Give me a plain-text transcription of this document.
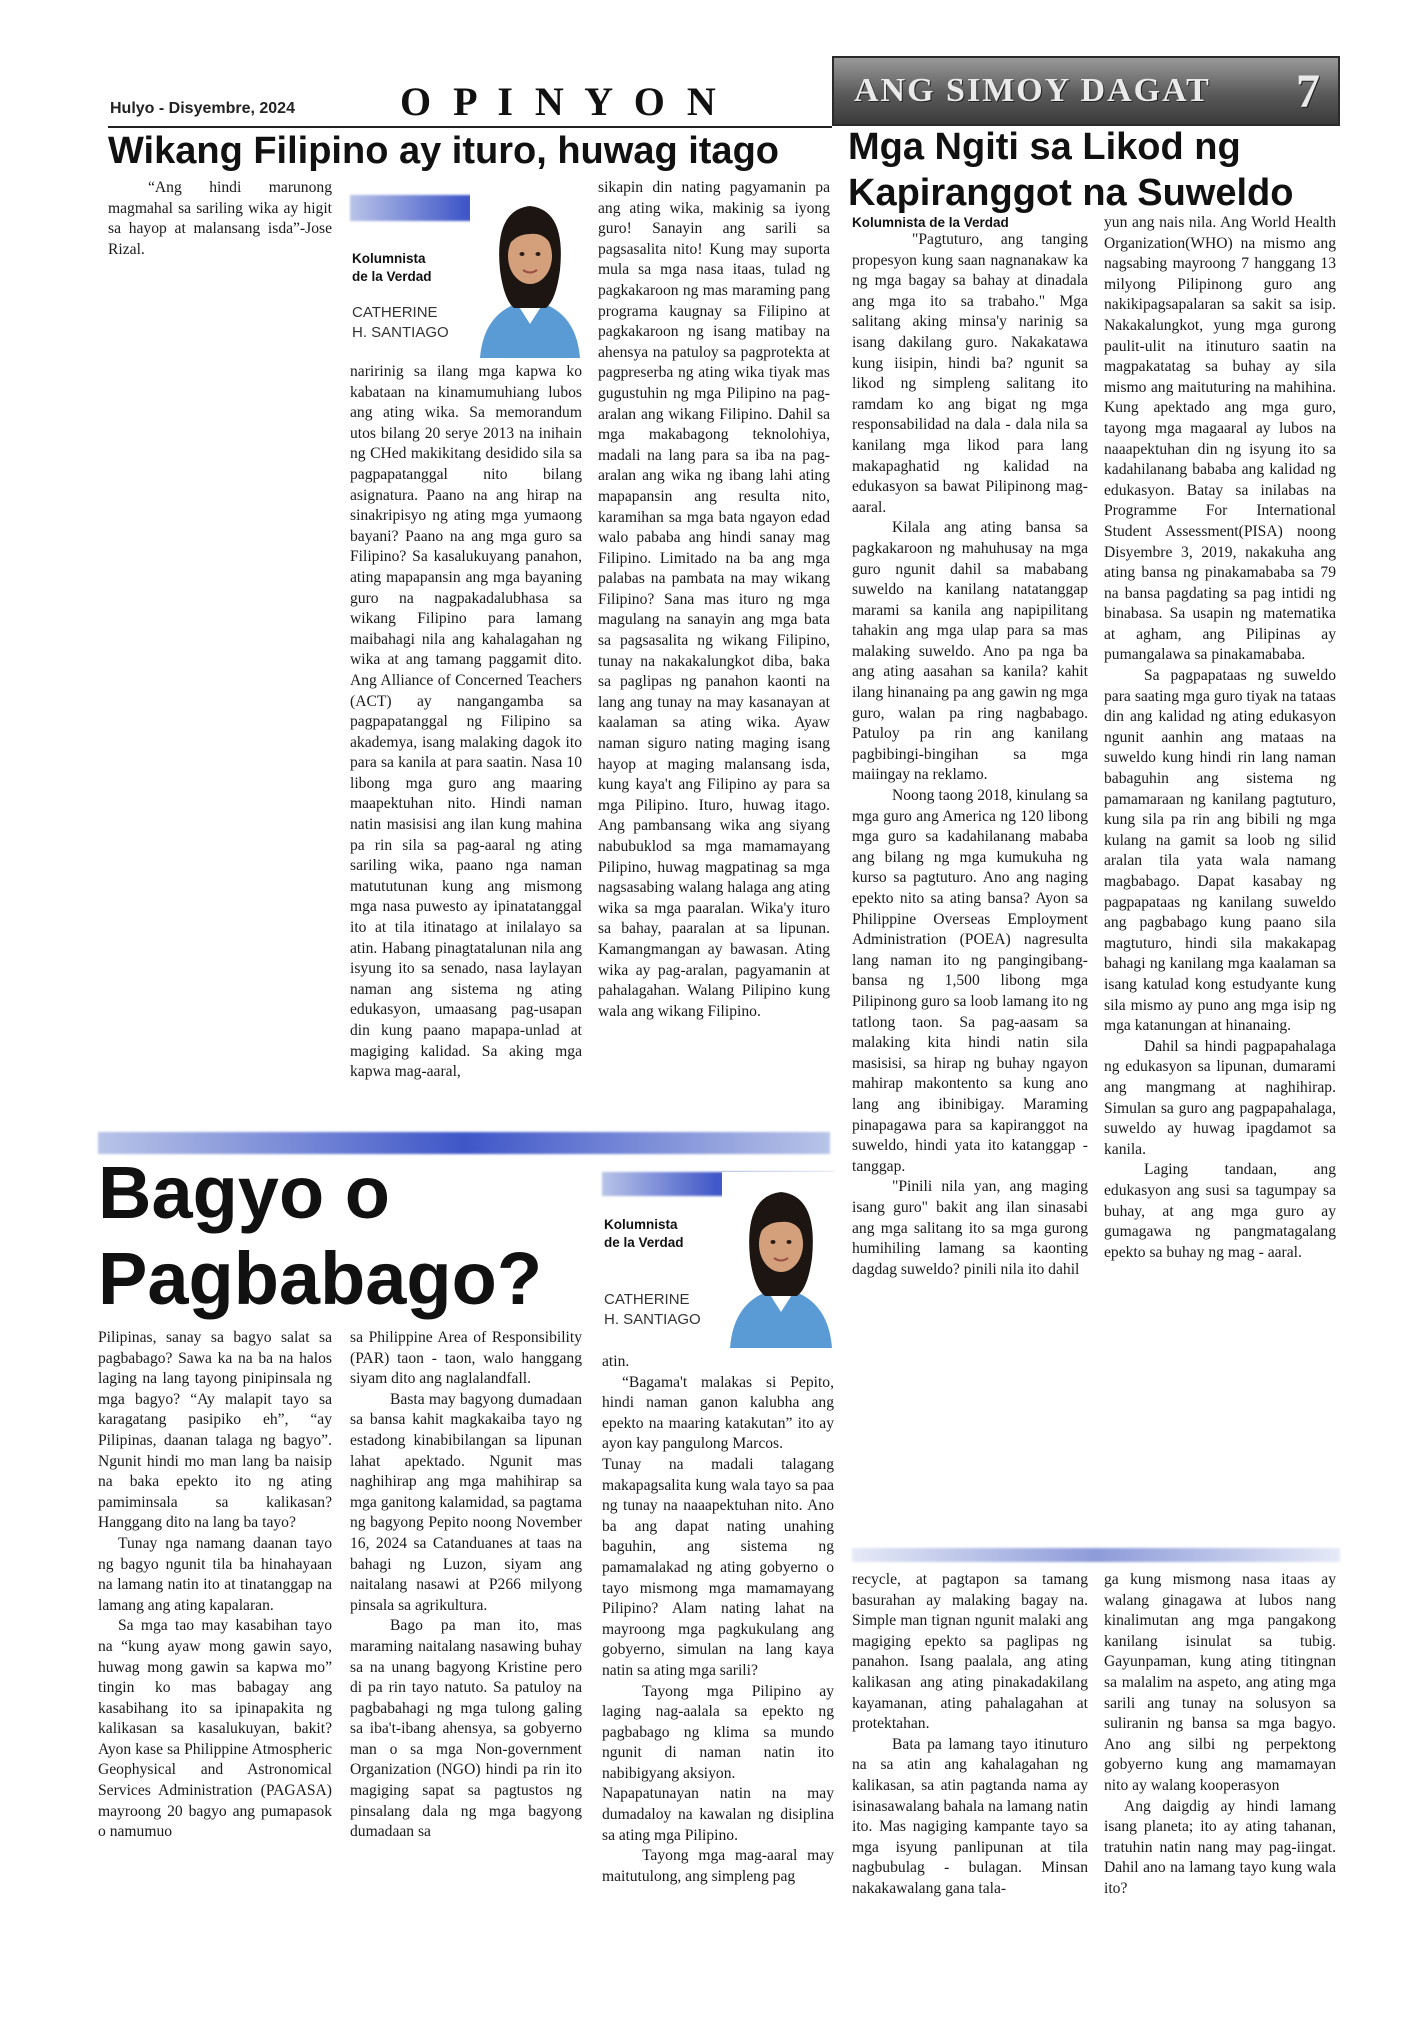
Hulyo - Disyembre, 2024	O P I N Y O N	ANG SIMOY DAGAT 7
Wikang Filipino ay ituro, huwag itago

“Ang hindi marunong magmahal sa sariling wika ay higit sa hayop at malansang isda”-Jose Rizal.

Kolumnista
de la Verdad
CATHERINE
H. SANTIAGO

naririnig sa ilang mga kapwa ko kabataan na kinamumuhiang lubos ang ating wika. Sa memorandum utos bilang 20 serye 2013 na inihain ng CHed makikitang desidido sila sa pagpapatanggal nito bilang asignatura. Paano na ang hirap na sinakripisyo ng ating mga yumaong bayani? Paano na ang mga guro sa Filipino? Sa kasalukuyang panahon, ating mapapansin ang mga bayaning guro na nagpakadalubhasa sa wikang Filipino para lamang maibahagi nila ang kahalagahan ng wika at ang tamang paggamit dito. Ang Alliance of Concerned Teachers (ACT) ay nangangamba sa pagpapatanggal ng Filipino sa akademya, isang malaking dagok ito para sa kanila at para saatin. Nasa 10 libong mga guro ang maaring maapektuhan nito. Hindi naman natin masisisi ang ilan kung mahina pa rin sila sa pag-aaral ng ating sariling wika, paano nga naman matututunan kung ang mismong mga nasa puwesto ay ipinatatanggal ito at tila itinatago at inilalayo sa atin. Habang pinagtatalunan nila ang isyung ito sa senado, nasa laylayan naman ang sistema ng ating edukasyon, umaasang pag-usapan din kung paano mapapa-unlad at magiging kalidad. Sa aking mga kapwa mag-aaral,

sikapin din nating pagyamanin pa ang ating wika, makinig sa iyong guro! Sanayin ang sarili sa pagsasalita nito! Kung may suporta mula sa mga nasa itaas, tulad ng pagkakaroon ng mas maraming pang programa kaugnay sa Filipino at pagkakaroon ng isang matibay na ahensya na patuloy sa pagprotekta at pagpreserba ng ating wika tiyak mas gugustuhin ng mga Pilipino na pag-aralan ang wikang Filipino. Dahil sa mga makabagong teknolohiya, madali na lang para sa iba na pag-aralan ang wika ng ibang lahi ating mapapansin ang resulta nito, karamihan sa mga bata ngayon edad walo pababa ang hindi sanay mag Filipino. Limitado na ba ang mga palabas na pambata na may wikang Filipino? Sana mas ituro ng mga magulang na sanayin ang mga bata sa pagsasalita ng wikang Filipino, tunay na nakakalungkot diba, baka sa paglipas ng panahon kaonti na lang ang tunay na may kasanayan at kaalaman sa ating wika. Ayaw naman siguro nating maging isang hayop at maging malansang isda, kung kaya't ang Filipino ay para sa mga Pilipino. Ituro, huwag itago. Ang pambansang wika ang siyang nabubuklod sa mga mamamayang Pilipino, huwag magpatinag sa mga nagsasabing walang halaga ang ating wika sa mga paaralan. Wika'y ituro sa bahay, paaralan at sa lipunan. Kamangmangan ay bawasan. Ating wika ay pag-aralan, pagyamanin at pahalagahan. Walang Pilipino kung wala ang wikang Filipino.

Mga Ngiti sa Likod ng
Kapiranggot na Suweldo
Kolumnista de la Verdad

"Pagtuturo, ang tanging propesyon kung saan nagnanakaw ka ng mga bagay sa bahay at dinadala ang mga ito sa trabaho." Mga salitang aking minsa'y narinig sa isang dakilang guro. Nakakatawa kung iisipin, hindi ba? ngunit sa likod ng simpleng salitang ito ramdam ko ang bigat ng mga responsabilidad na dala - dala nila sa kanilang mga likod para lang makapaghatid ng kalidad na edukasyon sa bawat Pilipinong mag-aaral.

Kilala ang ating bansa sa pagkakaroon ng mahuhusay na mga guro ngunit dahil sa mababang suweldo na kanilang natatanggap marami sa kanila ang napipilitang tahakin ang mga ulap para sa mas malaking suweldo. Ano pa nga ba ang ating aasahan sa kanila? kahit ilang hinanaing pa ang gawin ng mga guro, walan pa ring nagbabago. Patuloy pa rin ang kanilang pagbibingi-bingihan sa mga maiingay na reklamo.

Noong taong 2018, kinulang sa mga guro ang America ng 120 libong mga guro sa kadahilanang mababa ang bilang ng mga kumukuha ng kurso sa pagtuturo. Ano ang naging epekto nito sa ating bansa? Ayon sa Philippine Overseas Employment Administration (POEA) nagresulta lang naman ito ng pangingibang-bansa ng 1,500 libong mga Pilipinong guro sa loob lamang ito ng tatlong taon. Sa pag-aasam sa malaking kita hindi natin sila masisisi, sa hirap ng buhay ngayon mahirap makontento sa kung ano lang ang ibinibigay. Maraming pinapagawa para sa kapiranggot na suweldo, hindi yata ito katanggap - tanggap.

"Pinili nila yan, ang maging isang guro" bakit ang ilan sinasabi ang mga salitang ito sa mga gurong humihiling lamang sa kaonting dagdag suweldo? pinili nila ito dahil

yun ang nais nila. Ang World Health Organization(WHO) na mismo ang nagsabing mayroong 7 hanggang 13 milyong Pilipinong guro ang nakikipagsapalaran sa sakit sa isip. Nakakalungkot, yung mga gurong paulit-ulit na itinuturo saatin na magpakatatag sa buhay ay sila mismo ang maituturing na mahihina. Kung apektado ang mga guro, tayong mga magaaral ay lubos na naaapektuhan din ng isyung ito sa kadahilanang bababa ang kalidad ng edukasyon. Batay sa inilabas na Programme For International Student Assessment(PISA) noong Disyembre 3, 2019, nakakuha ang ating bansa ng pinakamababa sa 79 na bansa pagdating sa pag intidi ng binabasa. Sa usapin ng matematika at agham, ang Pilipinas ay pumangalawa sa pinakamababa.

Sa pagpapataas ng suweldo para saating mga guro tiyak na tataas din ang kalidad ng ating edukasyon ngunit aanhin ang mataas na suweldo kung hindi rin lang naman babaguhin ang sistema ng pamamaraan ng kanilang pagtuturo, kung sila pa rin ang bibili ng mga kulang na gamit sa loob ng silid aralan tila yata wala namang magbabago. Dapat kasabay ng pagpapataas ng kanilang suweldo ang pagbabago kung paano sila magtuturo, hindi sila makakapag bahagi ng kanilang mga kaalaman sa isang katulad kong estudyante kung sila mismo ay puno ang mga isip ng mga katanungan at hinanaing.

Dahil sa hindi pagpapahalaga ng edukasyon sa lipunan, dumarami ang mangmang at naghihirap. Simulan sa guro ang pagpapahalaga, suweldo ay huwag ipagdamot sa kanila.

Laging tandaan, ang edukasyon ang susi sa tagumpay sa buhay, at ang mga guro ay gumagawa ng pangmatagalang epekto sa buhay ng mag - aaral.

Bagyo o
Pagbabago?
Kolumnista
de la Verdad
CATHERINE
H. SANTIAGO

Pilipinas, sanay sa bagyo salat sa pagbabago? Sawa ka na ba na halos laging na lang tayong pinipinsala ng mga bagyo? “Ay malapit tayo sa karagatang pasipiko eh”, “ay Pilipinas, daanan talaga ng bagyo”. Ngunit hindi mo man lang ba naisip na baka epekto ito ng ating pamiminsala sa kalikasan? Hanggang dito na lang ba tayo?

Tunay nga namang daanan tayo ng bagyo ngunit tila ba hinahayaan na lamang natin ito at tinatanggap na lamang ang ating kapalaran.

Sa mga tao may kasabihan tayo na “kung ayaw mong gawin sayo, huwag mong gawin sa kapwa mo” tingin ko mas babagay ang kasabihang ito sa ipinapakita ng kalikasan sa kasalukuyan, bakit? Ayon kase sa Philippine Atmospheric Geophysical and Astronomical Services Administration (PAGASA) mayroong 20 bagyo ang pumapasok o namumuo

sa Philippine Area of Responsibility (PAR) taon - taon, walo hanggang siyam dito ang naglalandfall.

Basta may bagyong dumadaan sa bansa kahit magkakaiba tayo ng estadong kinabibilangan sa lipunan lahat apektado. Ngunit mas naghihirap ang mga mahihirap sa mga ganitong kalamidad, sa pagtama ng bagyong Pepito noong November 16, 2024 sa Catanduanes at taas na bahagi ng Luzon, siyam ang naitalang nasawi at P266 milyong pinsala sa agrikultura.

Bago pa man ito, mas maraming naitalang nasawing buhay sa na unang bagyong Kristine pero di pa rin tayo natuto. Sa patuloy na pagbabahagi ng mga tulong galing sa iba't-ibang ahensya, sa gobyerno man o sa mga Non-government Organization (NGO) hindi pa rin ito magiging sapat sa pagtustos ng pinsalang dala ng mga bagyong dumadaan sa

atin.

“Bagama't malakas si Pepito, hindi naman ganon kalubha ang epekto na maaring katakutan” ito ay ayon kay pangulong Marcos.

Tunay na madali talagang makapagsalita kung wala tayo sa paa ng tunay na naaapektuhan nito. Ano ba ang dapat nating unahing baguhin, ang sistema ng pamamalakad ng ating gobyerno o tayo mismong mga mamamayang Pilipino? Alam nating lahat na mayroong mga pagkukulang ang gobyerno, simulan na lang kaya natin sa ating mga sarili?

Tayong mga Pilipino ay laging nag-aalala sa epekto ng pagbabago ng klima sa mundo ngunit di naman natin ito nabibigyang aksiyon.

Napapatunayan natin na may dumadaloy na kawalan ng disiplina sa ating mga Pilipino.

Tayong mga mag-aaral may maitutulong, ang simpleng pag

recycle, at pagtapon sa tamang basurahan ay malaking bagay na. Simple man tignan ngunit malaki ang magiging epekto sa paglipas ng panahon. Isang paalala, ang ating kalikasan ang ating pinakadakilang kayamanan, ating pahalagahan at protektahan.

Bata pa lamang tayo itinuturo na sa atin ang kahalagahan ng kalikasan, sa atin pagtanda nama ay isinasawalang bahala na lamang natin ito. Mas nagiging kampante tayo sa mga isyung panlipunan at tila nagbubulag - bulagan. Minsan nakakawalang gana tala-

ga kung mismong nasa itaas ay walang ginagawa at lubos nang kinalimutan ang mga pangakong kanilang isinulat sa tubig. Gayunpaman, kung ating titingnan sa malalim na aspeto, ang ating mga sarili ang tunay na solusyon sa suliranin ng bansa sa mga bagyo. Ano ang silbi ng perpektong gobyerno kung ang mamamayan nito ay walang kooperasyon

Ang daigdig ay hindi lamang isang planeta; ito ay ating tahanan, tratuhin natin nang may pag-iingat. Dahil ano na lamang tayo kung wala ito?
